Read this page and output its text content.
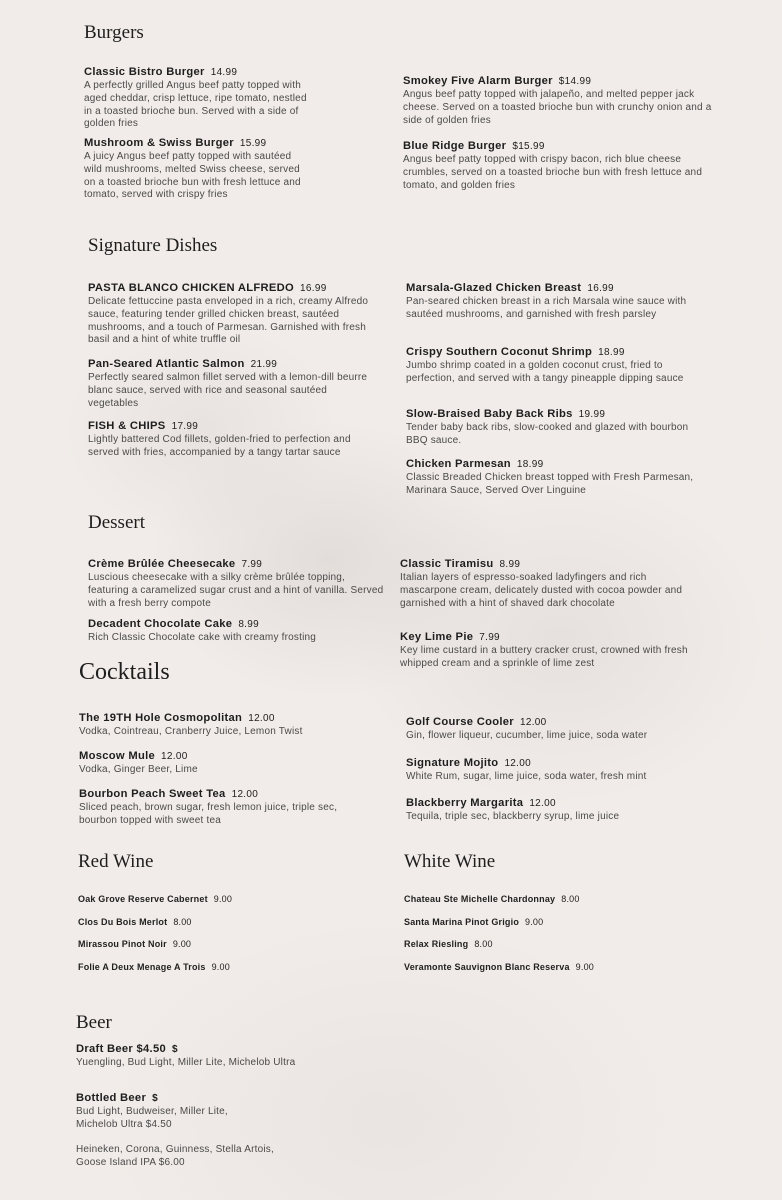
Burgers
Classic Bistro Burger 14.99
A perfectly grilled Angus beef patty topped with aged cheddar, crisp lettuce, ripe tomato, nestled in a toasted brioche bun. Served with a side of golden fries
Mushroom & Swiss Burger 15.99
A juicy Angus beef patty topped with sautéed wild mushrooms, melted Swiss cheese, served on a toasted brioche bun with fresh lettuce and tomato, served with crispy fries
Smokey Five Alarm Burger $14.99
Angus beef patty topped with jalapeño, and melted pepper jack cheese. Served on a toasted brioche bun with crunchy onion and a side of golden fries
Blue Ridge Burger $15.99
Angus beef patty topped with crispy bacon, rich blue cheese crumbles, served on a toasted brioche bun with fresh lettuce and tomato, and golden fries
Signature Dishes
PASTA BLANCO CHICKEN ALFREDO 16.99
Delicate fettuccine pasta enveloped in a rich, creamy Alfredo sauce, featuring tender grilled chicken breast, sautéed mushrooms, and a touch of Parmesan. Garnished with fresh basil and a hint of white truffle oil
Pan-Seared Atlantic Salmon 21.99
Perfectly seared salmon fillet served with a lemon-dill beurre blanc sauce, served with rice and seasonal sautéed vegetables
FISH & CHIPS 17.99
Lightly battered Cod fillets, golden-fried to perfection and served with fries, accompanied by a tangy tartar sauce
Marsala-Glazed Chicken Breast 16.99
Pan-seared chicken breast in a rich Marsala wine sauce with sautéed mushrooms, and garnished with fresh parsley
Crispy Southern Coconut Shrimp 18.99
Jumbo shrimp coated in a golden coconut crust, fried to perfection, and served with a tangy pineapple dipping sauce
Slow-Braised Baby Back Ribs 19.99
Tender baby back ribs, slow-cooked and glazed with bourbon BBQ sauce.
Chicken Parmesan 18.99
Classic Breaded Chicken breast topped with Fresh Parmesan, Marinara Sauce, Served Over Linguine
Dessert
Crème Brûlée Cheesecake 7.99
Luscious cheesecake with a silky crème brûlée topping, featuring a caramelized sugar crust and a hint of vanilla. Served with a fresh berry compote
Decadent Chocolate Cake 8.99
Rich Classic Chocolate cake with creamy frosting
Classic Tiramisu 8.99
Italian layers of espresso-soaked ladyfingers and rich mascarpone cream, delicately dusted with cocoa powder and garnished with a hint of shaved dark chocolate
Key Lime Pie 7.99
Key lime custard in a buttery cracker crust, crowned with fresh whipped cream and a sprinkle of lime zest
Cocktails
The 19TH Hole Cosmopolitan 12.00
Vodka, Cointreau, Cranberry Juice, Lemon Twist
Moscow Mule 12.00
Vodka, Ginger Beer, Lime
Bourbon Peach Sweet Tea 12.00
Sliced peach, brown sugar, fresh lemon juice, triple sec, bourbon topped with sweet tea
Golf Course Cooler 12.00
Gin, flower liqueur, cucumber, lime juice, soda water
Signature Mojito 12.00
White Rum, sugar, lime juice, soda water, fresh mint
Blackberry Margarita 12.00
Tequila, triple sec, blackberry syrup, lime juice
Red Wine	White Wine
Oak Grove Reserve Cabernet 9.00
Clos Du Bois Merlot 8.00
Mirassou Pinot Noir 9.00
Folie A Deux Menage A Trois 9.00
Chateau Ste Michelle Chardonnay 8.00
Santa Marina Pinot Grigio 9.00
Relax Riesling 8.00
Veramonte Sauvignon Blanc Reserva 9.00
Beer
Draft Beer $4.50 $
Yuengling, Bud Light, Miller Lite, Michelob Ultra
Bottled Beer $
Bud Light, Budweiser, Miller Lite, Michelob Ultra $4.50
Heineken, Corona, Guinness, Stella Artois, Goose Island IPA $6.00
